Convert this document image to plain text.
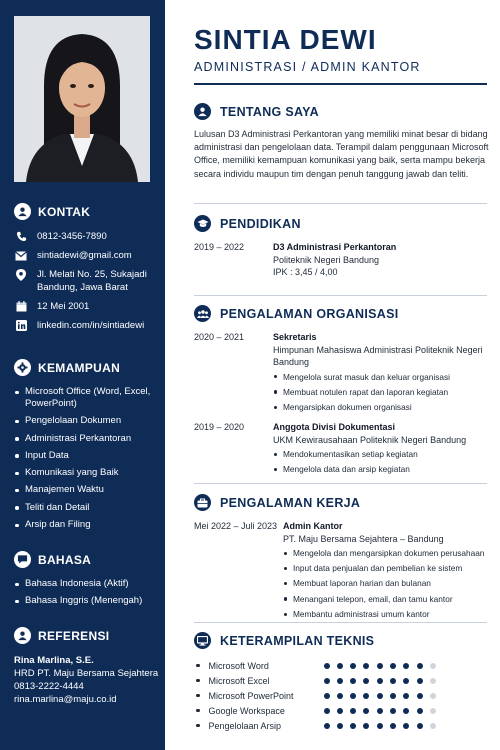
KONTAK
0812-3456-7890
sintiadewi@gmail.com
Jl. Melati No. 25, Sukajadi Bandung, Jawa Barat
12 Mei 2001
linkedin.com/in/sintiadewi
KEMAMPUAN
Microsoft Office (Word, Excel, PowerPoint)
Pengelolaan Dokumen
Administrasi Perkantoran
Input Data
Komunikasi yang Baik
Manajemen Waktu
Teliti dan Detail
Arsip dan Filing
BAHASA
Bahasa Indonesia (Aktif)
Bahasa Inggris (Menengah)
REFERENSI
Rina Marlina, S.E.
HRD PT. Maju Bersama Sejahtera
0813-2222-4444
rina.marlina@maju.co.id
SINTIA DEWI
ADMINISTRASI / ADMIN KANTOR
TENTANG SAYA

Lulusan D3 Administrasi Perkantoran yang memiliki minat besar di bidang administrasi dan pengelolaan data. Terampil dalam penggunaan Microsoft Office, memiliki kemampuan komunikasi yang baik, serta mampu bekerja secara individu maupun tim dengan penuh tanggung jawab dan teliti.

PENDIDIKAN
2019 – 2022	D3 Administrasi Perkantoran
Politeknik Negeri Bandung
IPK : 3,45 / 4,00
PENGALAMAN ORGANISASI
2020 – 2021	Sekretaris
Himpunan Mahasiswa Administrasi Politeknik Negeri Bandung
Mengelola surat masuk dan keluar organisasi
Membuat notulen rapat dan laporan kegiatan
Mengarsipkan dokumen organisasi
2019 – 2020	Anggota Divisi Dokumentasi
UKM Kewirausahaan Politeknik Negeri Bandung
Mendokumentasikan setiap kegiatan
Mengelola data dan arsip kegiatan
PENGALAMAN KERJA
Mei 2022 – Juli 2023 Admin Kantor
PT. Maju Bersama Sejahtera – Bandung
Mengelola dan mengarsipkan dokumen perusahaan
Input data penjualan dan pembelian ke sistem
Membuat laporan harian dan bulanan
Menangani telepon, email, dan tamu kantor
Membantu administrasi umum kantor
KETERAMPILAN TEKNIS
Microsoft Word
Microsoft Excel
Microsoft PowerPoint
Google Workspace
Pengelolaan Arsip
